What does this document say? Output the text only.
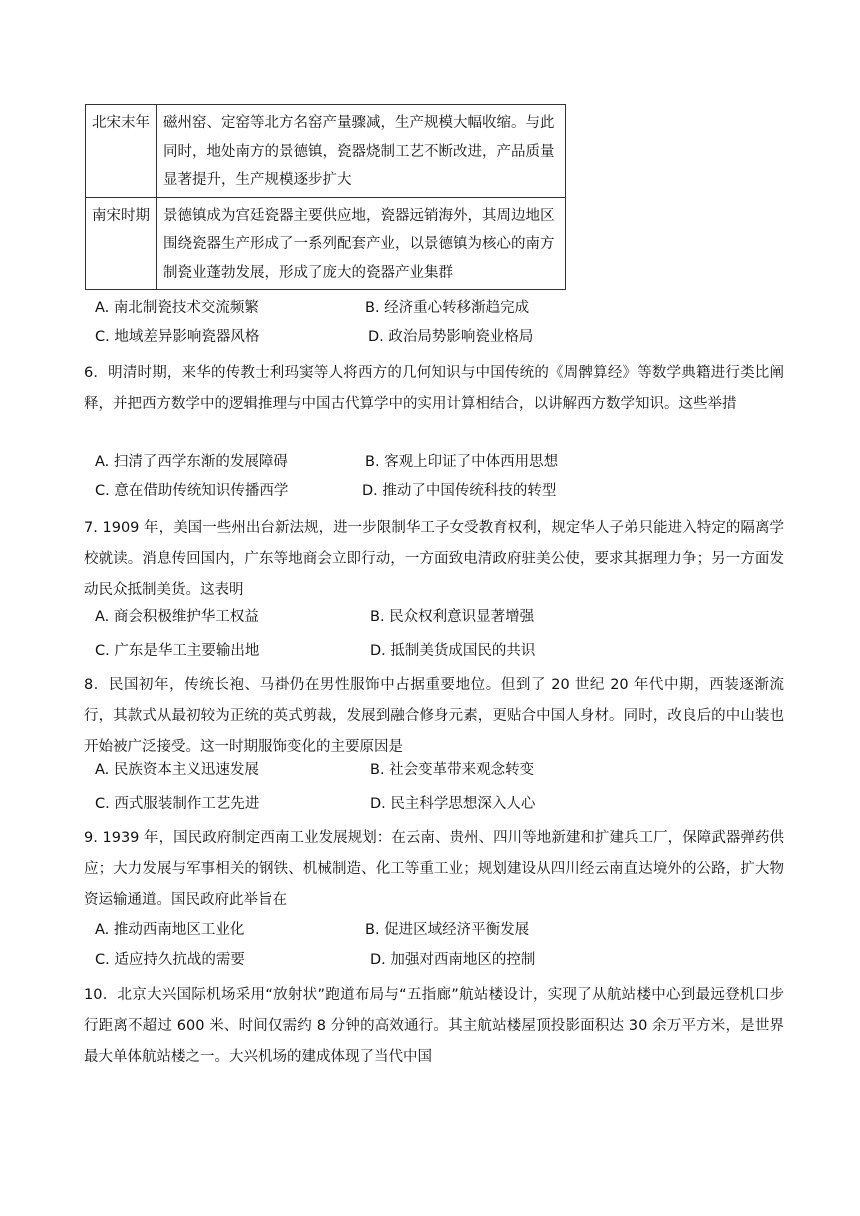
北宋末年	磁州窑、定窑等北方名窑产量骤减，生产规模大幅收缩。与此同时，地处南方的景德镇，瓷器烧制工艺不断改进，产品质量显著提升，生产规模逐步扩大
南宋时期	景德镇成为宫廷瓷器主要供应地，瓷器远销海外，其周边地区围绕瓷器生产形成了一系列配套产业，以景德镇为核心的南方制瓷业蓬勃发展，形成了庞大的瓷器产业集群
A. 南北制瓷技术交流频繁	B. 经济重心转移渐趋完成
C. 地域差异影响瓷器风格	D. 政治局势影响瓷业格局
6．明清时期，来华的传教士利玛窦等人将西方的几何知识与中国传统的《周髀算经》等数学典籍进行类比阐释，并把西方数学中的逻辑推理与中国古代算学中的实用计算相结合，以讲解西方数学知识。这些举措
A. 扫清了西学东渐的发展障碍	B. 客观上印证了中体西用思想
C. 意在借助传统知识传播西学	D. 推动了中国传统科技的转型
7. 1909 年，美国一些州出台新法规，进一步限制华工子女受教育权利，规定华人子弟只能进入特定的隔离学校就读。消息传回国内，广东等地商会立即行动，一方面致电清政府驻美公使，要求其据理力争；另一方面发动民众抵制美货。这表明
A. 商会积极维护华工权益	B. 民众权利意识显著增强
C. 广东是华工主要输出地	D. 抵制美货成国民的共识
8．民国初年，传统长袍、马褂仍在男性服饰中占据重要地位。但到了 20 世纪 20 年代中期，西装逐渐流行，其款式从最初较为正统的英式剪裁，发展到融合修身元素，更贴合中国人身材。同时，改良后的中山装也开始被广泛接受。这一时期服饰变化的主要原因是
A. 民族资本主义迅速发展	B. 社会变革带来观念转变
C. 西式服装制作工艺先进	D. 民主科学思想深入人心
9. 1939 年，国民政府制定西南工业发展规划：在云南、贵州、四川等地新建和扩建兵工厂，保障武器弹药供应；大力发展与军事相关的钢铁、机械制造、化工等重工业；规划建设从四川经云南直达境外的公路，扩大物资运输通道。国民政府此举旨在
A. 推动西南地区工业化	B. 促进区域经济平衡发展
C. 适应持久抗战的需要	D. 加强对西南地区的控制
10．北京大兴国际机场采用“放射状”跑道布局与“五指廊”航站楼设计，实现了从航站楼中心到最远登机口步行距离不超过 600 米、时间仅需约 8 分钟的高效通行。其主航站楼屋顶投影面积达 30 余万平方米，是世界最大单体航站楼之一。大兴机场的建成体现了当代中国
